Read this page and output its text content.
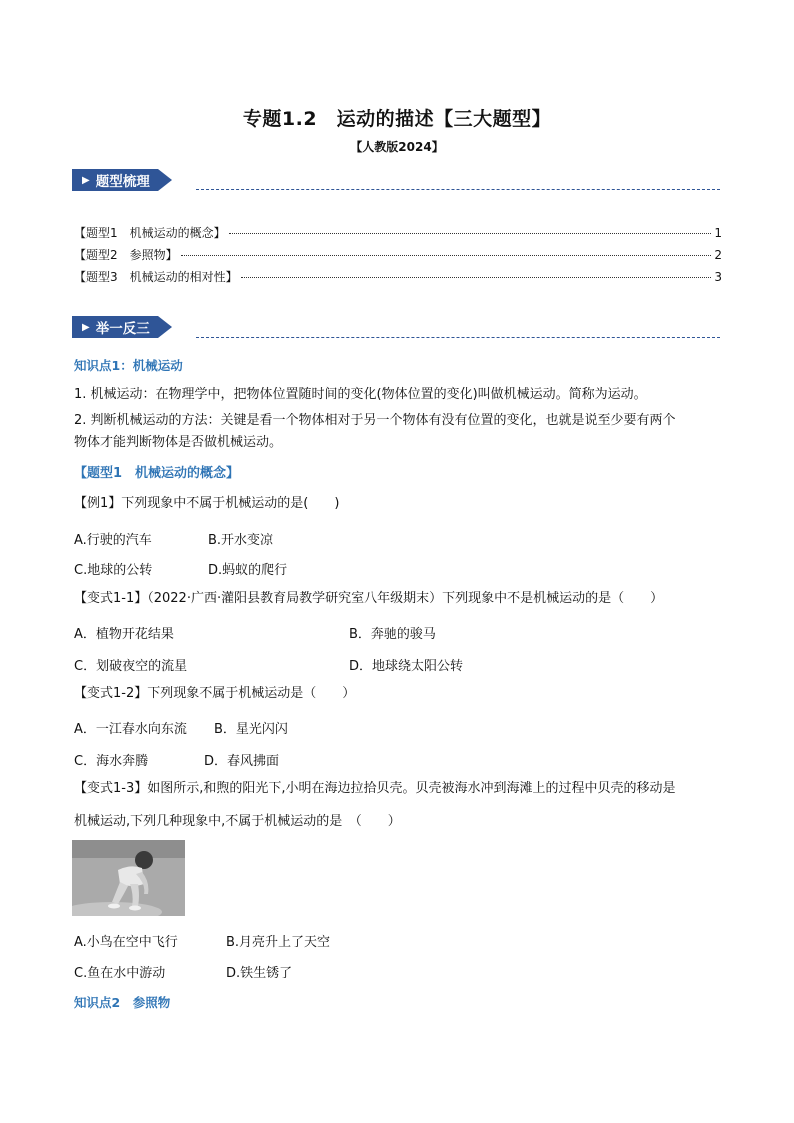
专题1.2　运动的描述【三大题型】
【人教版2024】
▶ 题型梳理
【题型1　机械运动的概念】	1
【题型2　参照物】	2
【题型3　机械运动的相对性】	3
▶ 举一反三
知识点1：机械运动
1. 机械运动：在物理学中，把物体位置随时间的变化(物体位置的变化)叫做机械运动。简称为运动。
2. 判断机械运动的方法：关键是看一个物体相对于另一个物体有没有位置的变化，也就是说至少要有两个
物体才能判断物体是否做机械运动。
【题型1　机械运动的概念】
【例1】下列现象中不属于机械运动的是(　　)
A.行驶的汽车	B.开水变凉
C.地球的公转	D.蚂蚁的爬行
【变式1-1】（2022·广西·灌阳县教育局教学研究室八年级期末）下列现象中不是机械运动的是（　　）
A．植物开花结果	B．奔驰的骏马
C．划破夜空的流星	D．地球绕太阳公转
【变式1-2】下列现象不属于机械运动是（　　）
A．一江春水向东流 B．星光闪闪
C．海水奔腾	D．春风拂面
【变式1-3】如图所示,和煦的阳光下,小明在海边拉拾贝壳。贝壳被海水冲到海滩上的过程中贝壳的移动是
机械运动,下列几种现象中,不属于机械运动的是　（　　）
A.小鸟在空中飞行	B.月亮升上了天空
C.鱼在水中游动	D.铁生锈了
知识点2　参照物
